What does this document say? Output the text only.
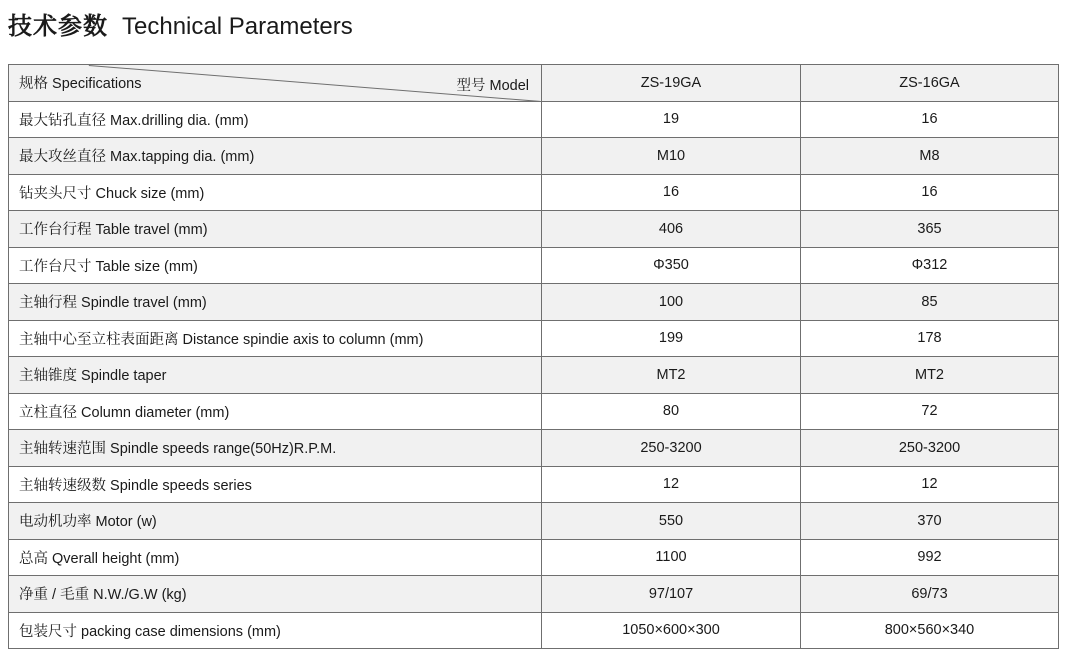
技术参数 Technical Parameters
规格 Specifications 型号 Model	ZS-19GA	ZS-16GA
最大钻孔直径 Max.drilling dia. (mm)	19	16
最大攻丝直径 Max.tapping dia. (mm)	M10	M8
钻夹头尺寸 Chuck size (mm)	16	16
工作台行程 Table travel (mm)	406	365
工作台尺寸 Table size (mm)	Φ350	Φ312
主轴行程 Spindle travel (mm)	100	85
主轴中心至立柱表面距离 Distance spindie axis to column (mm)	199	178
主轴锥度 Spindle taper	MT2	MT2
立柱直径 Column diameter (mm)	80	72
主轴转速范围 Spindle speeds range(50Hz)R.P.M.	250-3200	250-3200
主轴转速级数 Spindle speeds series	12	12
电动机功率 Motor (w)	550	370
总高 Qverall height (mm)	1100	992
净重 / 毛重 N.W./G.W (kg)	97/107	69/73
包装尺寸 packing case dimensions (mm)	1050×600×300	800×560×340
